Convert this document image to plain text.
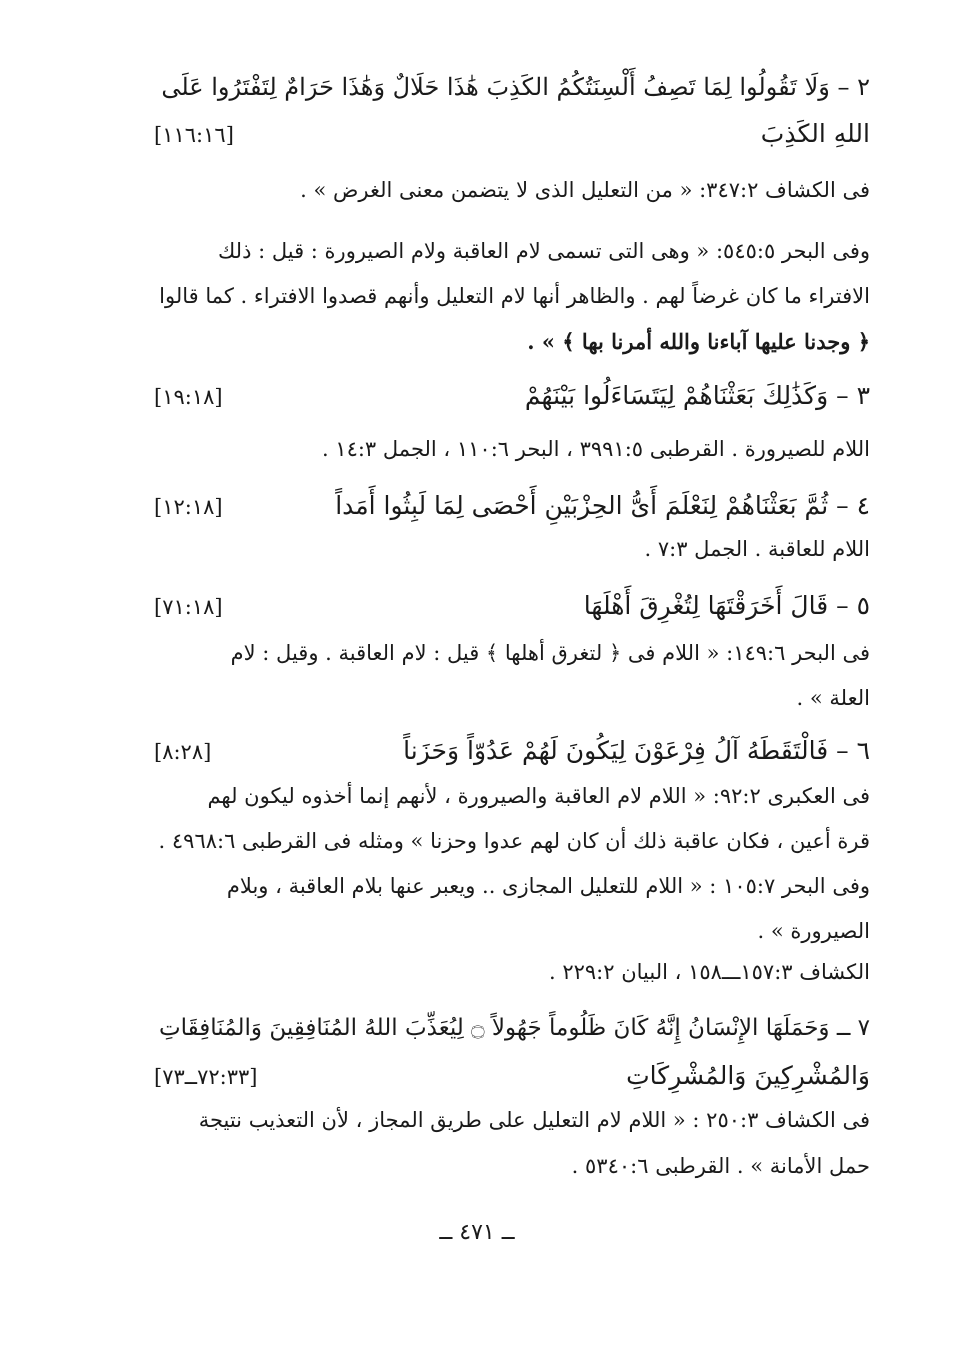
٢ – وَلَا تَقُولُوا لِمَا تَصِفُ أَلْسِنَتُكُمُ الكَذِبَ هَٰذَا حَلَالٌ وَهَٰذَا حَرَامٌ لِتَفْتَرُوا عَلَى
اللهِ الكَذِبَ
[١١٦:١٦]
فى الكشاف ٣٤٧:٢: « من التعليل الذى لا يتضمن معنى الغرض » .
وفى البحر ٥٤٥:٥: « وهى التى تسمى لام العاقبة ولام الصيرورة : قيل : ذلك
الافتراء ما كان غرضاً لهم . والظاهر أنها لام التعليل وأنهم قصدوا الافتراء . كما قالوا
﴿ وجدنا عليها آباءنا والله أمرنا بها ﴾ » .
٣ – وَكَذَٰلِكَ بَعَثْنَاهُمْ لِيَتَسَاءَلُوا بَيْنَهُمْ
[١٩:١٨]
اللام للصيرورة . القرطبى ٣٩٩١:٥ ، البحر ١١٠:٦ ، الجمل ١٤:٣ .
٤ – ثُمَّ بَعَثْنَاهُمْ لِنَعْلَمَ أَىُّ الحِزْبَيْنِ أَحْصَى لِمَا لَبِثُوا أَمَداً
[١٢:١٨]
اللام للعاقبة . الجمل ٧:٣ .
٥ – قَالَ أَخَرَقْتَهَا لِتُغْرِقَ أَهْلَهَا
[٧١:١٨]
فى البحر ١٤٩:٦: « اللام فى ﴿ لتغرق أهلها ﴾ قيل : لام العاقبة . وقيل : لام
العلة » .
٦ – فَالْتَقَطَهُ آلُ فِرْعَوْنَ لِيَكُونَ لَهُمْ عَدُوّاً وَحَزَناً
[٨:٢٨]
فى العكبرى ٩٢:٢: « اللام لام العاقبة والصيرورة ، لأنهم إنما أخذوه ليكون لهم
قرة أعين ، فكان عاقبة ذلك أن كان لهم عدوا وحزنا » ومثله فى القرطبى ٤٩٦٨:٦ .
وفى البحر ١٠٥:٧ : « اللام للتعليل المجازى .. ويعبر عنها بلام العاقبة ، وبلام
الصيرورة » .
الكشاف ١٥٧:٣ـــ١٥٨ ، البيان ٢٢٩:٢ .
٧ ــ وَحَمَلَهَا الإِنْسَانُ إِنَّهُ كَانَ ظَلُوماً جَهُولاً ۝ لِيُعَذِّبَ اللهُ المُنَافِقِينَ وَالمُنَافِقَاتِ
وَالمُشْرِكِينَ وَالمُشْرِكَاتِ
[٧٢:٣٣ــ٧٣]
فى الكشاف ٢٥٠:٣ : « اللام لام التعليل على طريق المجاز ، لأن التعذيب نتيجة
حمل الأمانة » . القرطبى ٥٣٤٠:٦ .
ــ ٤٧١ ــ
